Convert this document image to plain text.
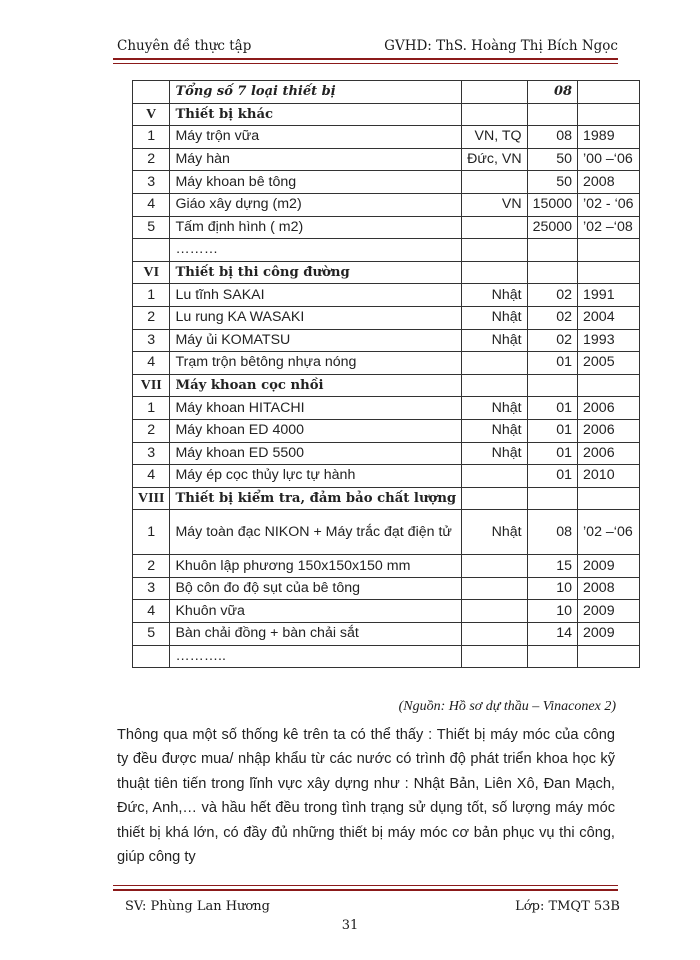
Chuyên đề thực tập	GVHD: ThS. Hoàng Thị Bích Ngọc
	Tổng số 7 loại thiết bị		08	
V	Thiết bị khác			
1	Máy trộn vữa	VN, TQ	08	1989
2	Máy hàn	Đức, VN	50	’00 –‘06
3	Máy khoan bê tông		50	2008
4	Giáo xây dựng (m2)	VN	15000	’02 - ‘06
5	Tấm định hình ( m2)		25000	’02 –‘08
	………			
VI	Thiết bị thi công đường			
1	Lu tĩnh SAKAI	Nhật	02	1991
2	Lu rung KA WASAKI	Nhật	02	2004
3	Máy ủi KOMATSU	Nhật	02	1993
4	Trạm trộn bêtông nhựa nóng		01	2005
VII	Máy khoan cọc nhồi			
1	Máy khoan HITACHI	Nhật	01	2006
2	Máy khoan ED 4000	Nhật	01	2006
3	Máy khoan ED 5500	Nhật	01	2006
4	Máy ép cọc thủy lực tự hành		01	2010
VIII	Thiết bị kiểm tra, đảm bảo chất lượng			
1	Máy toàn đạc NIKON + Máy trắc đạt điện tử	Nhật	08	’02 –‘06
2	Khuôn lập phương 150x150x150 mm		15	2009
3	Bộ côn đo độ sụt của bê tông		10	2008
4	Khuôn vữa		10	2009
5	Bàn chải đồng + bàn chải sắt		14	2009
	………..			
(Nguồn: Hồ sơ dự thầu – Vinaconex 2)

Thông qua một số thống kê trên ta có thể thấy : Thiết bị máy móc của công ty đều được mua/ nhập khẩu từ các nước có trình độ phát triển khoa học kỹ thuật tiên tiến trong lĩnh vực xây dựng như : Nhật Bản, Liên Xô, Đan Mạch, Đức, Anh,… và hầu hết đều trong tình trạng sử dụng tốt, số lượng máy móc thiết bị khá lớn, có đầy đủ những thiết bị máy móc cơ bản phục vụ thi công, giúp công ty

SV: Phùng Lan Hương	Lớp: TMQT 53B
31
